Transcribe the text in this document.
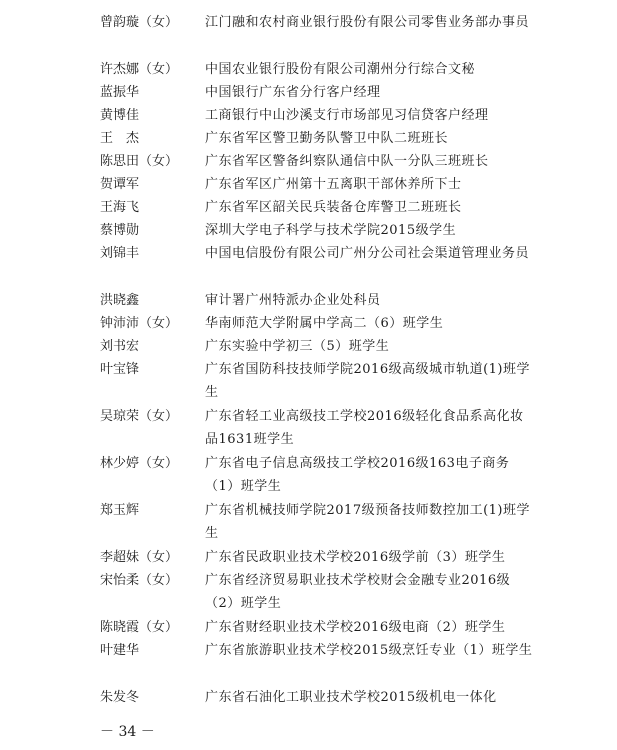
曾韵璇（女）	江门融和农村商业银行股份有限公司零售业务部办事员
许杰娜（女）	中国农业银行股份有限公司潮州分行综合文秘
蓝振华	中国银行广东省分行客户经理
黄博佳	工商银行中山沙溪支行市场部见习信贷客户经理
王　杰	广东省军区警卫勤务队警卫中队二班班长
陈思田（女）	广东省军区警备纠察队通信中队一分队三班班长
贺谭军	广东省军区广州第十五离职干部休养所下士
王海飞	广东省军区韶关民兵装备仓库警卫二班班长
蔡博勋	深圳大学电子科学与技术学院2015级学生
刘锦丰	中国电信股份有限公司广州分公司社会渠道管理业务员
洪晓鑫	审计署广州特派办企业处科员
钟沛沛（女）	华南师范大学附属中学高二（6）班学生
刘书宏	广东实验中学初三（5）班学生
叶宝锋	广东省国防科技技师学院2016级高级城市轨道(1)班学生
吴琼荣（女）	广东省轻工业高级技工学校2016级轻化食品系高化妆品1631班学生
林少婷（女）	广东省电子信息高级技工学校2016级163电子商务（1）班学生
郑玉辉	广东省机械技师学院2017级预备技师数控加工(1)班学生
李超妹（女）	广东省民政职业技术学校2016级学前（3）班学生
宋怡柔（女）	广东省经济贸易职业技术学校财会金融专业2016级（2）班学生
陈晓霞（女）	广东省财经职业技术学校2016级电商（2）班学生
叶建华	广东省旅游职业技术学校2015级烹饪专业（1）班学生
朱发冬	广东省石油化工职业技术学校2015级机电一体化
－ 34 －
